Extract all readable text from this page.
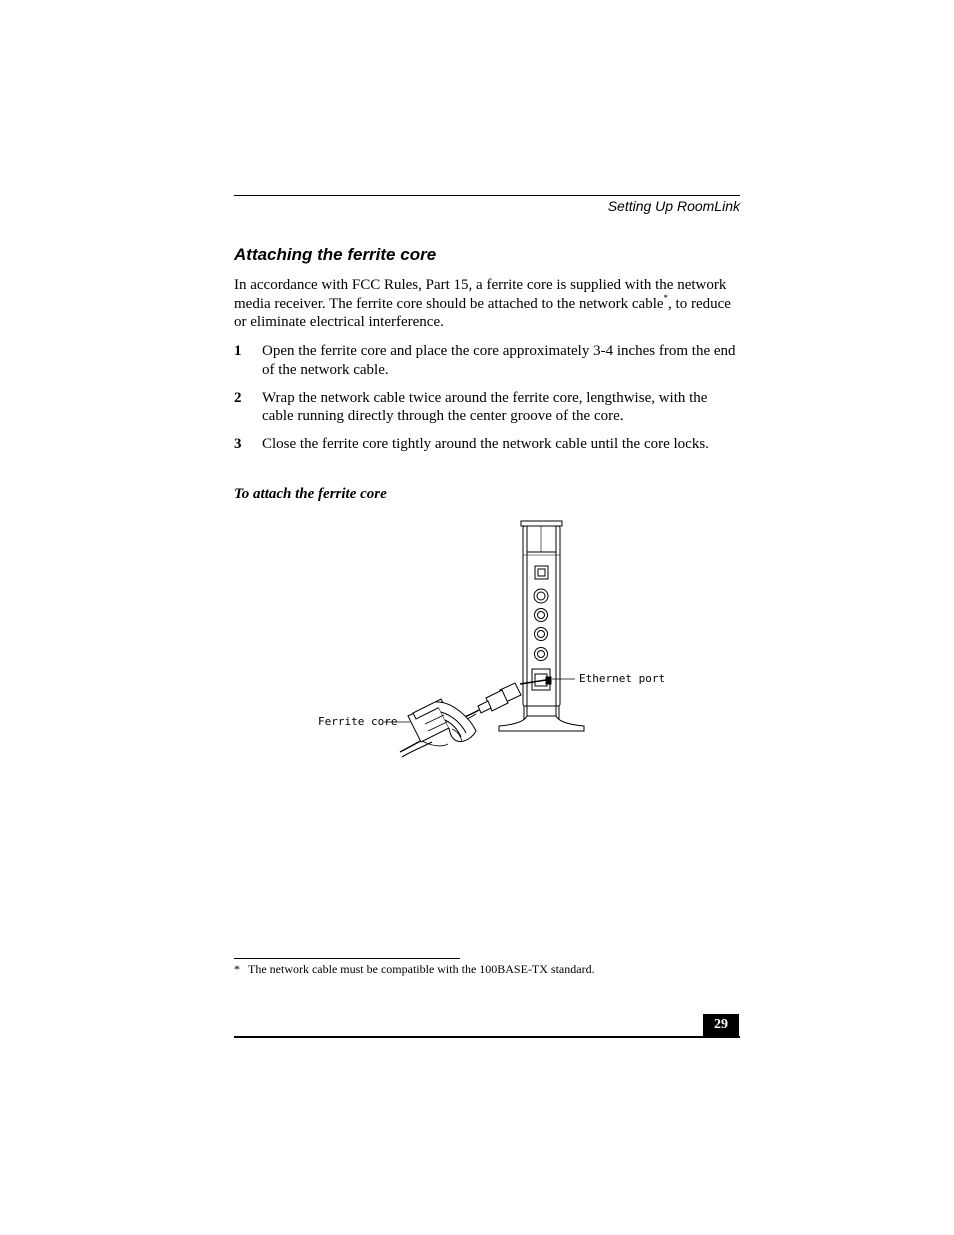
Setting Up RoomLink
Attaching the ferrite core
In accordance with FCC Rules, Part 15, a ferrite core is supplied with the network media receiver. The ferrite core should be attached to the network cable*, to reduce or eliminate electrical interference.
1	Open the ferrite core and place the core approximately 3-4 inches from the end of the network cable.
2	Wrap the network cable twice around the ferrite core, lengthwise, with the cable running directly through the center groove of the core.
3	Close the ferrite core tightly around the network cable until the core locks.
To attach the ferrite core
Ethernet port
Ferrite core
* The network cable must be compatible with the 100BASE-TX standard.
29
